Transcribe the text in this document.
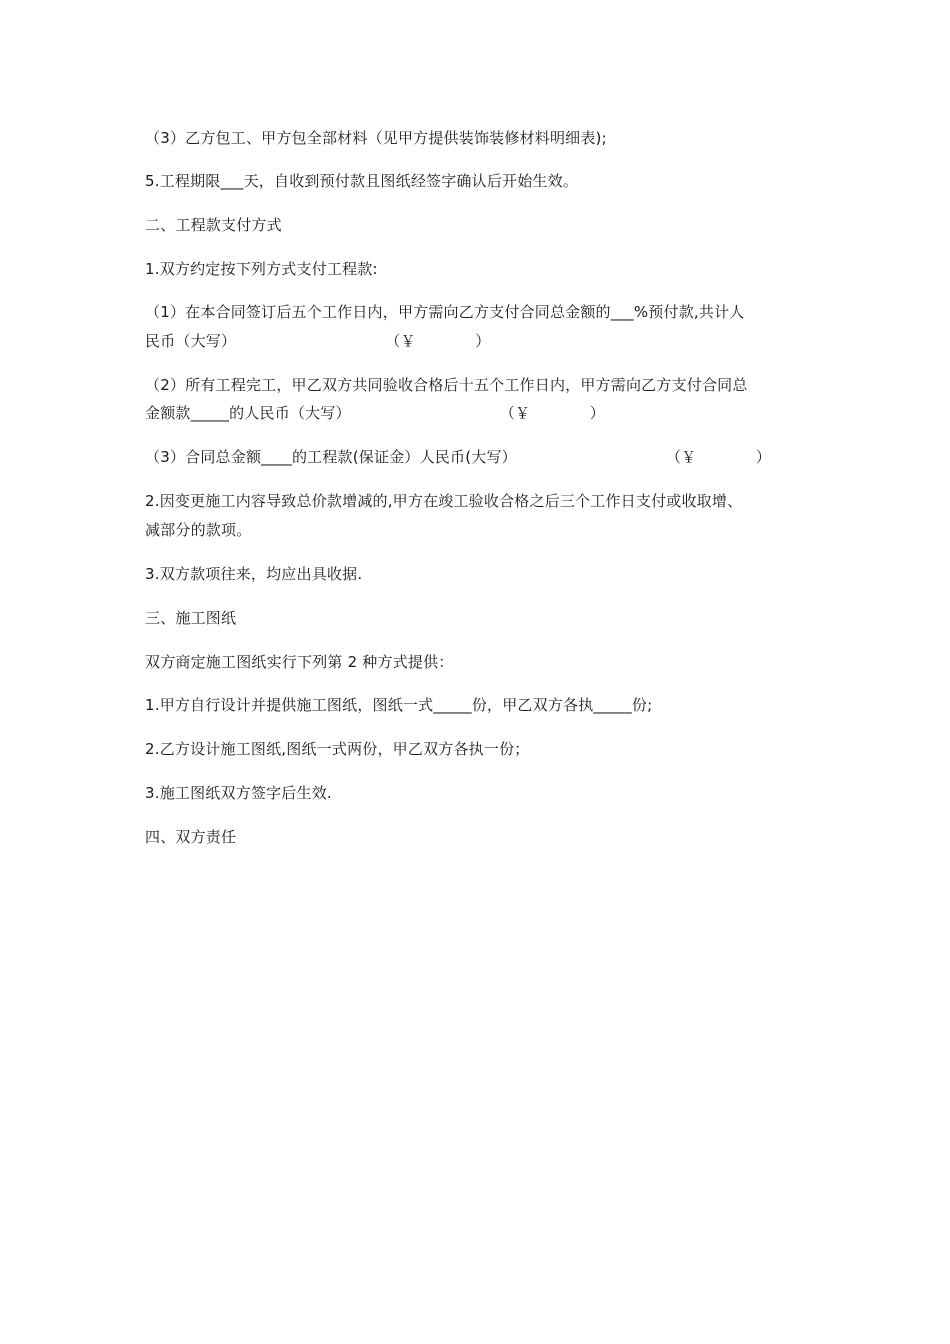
（3）乙方包工、甲方包全部材料（见甲方提供装饰装修材料明细表);
5.工程期限___天，自收到预付款且图纸经签字确认后开始生效。
二、工程款支付方式
1.双方约定按下列方式支付工程款:
（1）在本合同签订后五个工作日内，甲方需向乙方支付合同总金额的___%预付款,共计人
民币（大写）                              （￥            ）
（2）所有工程完工，甲乙双方共同验收合格后十五个工作日内，甲方需向乙方支付合同总
金额款_____的人民币（大写）                              （￥            ）
（3）合同总金额____的工程款(保证金）人民币(大写）                              （￥            ）
2.因变更施工内容导致总价款增减的,甲方在竣工验收合格之后三个工作日支付或收取增、
减部分的款项。
3.双方款项往来，均应出具收据.
三、施工图纸
双方商定施工图纸实行下列第 2 种方式提供：
1.甲方自行设计并提供施工图纸，图纸一式_____份，甲乙双方各执_____份;
2.乙方设计施工图纸,图纸一式两份，甲乙双方各执一份；
3.施工图纸双方签字后生效.
四、双方责任
